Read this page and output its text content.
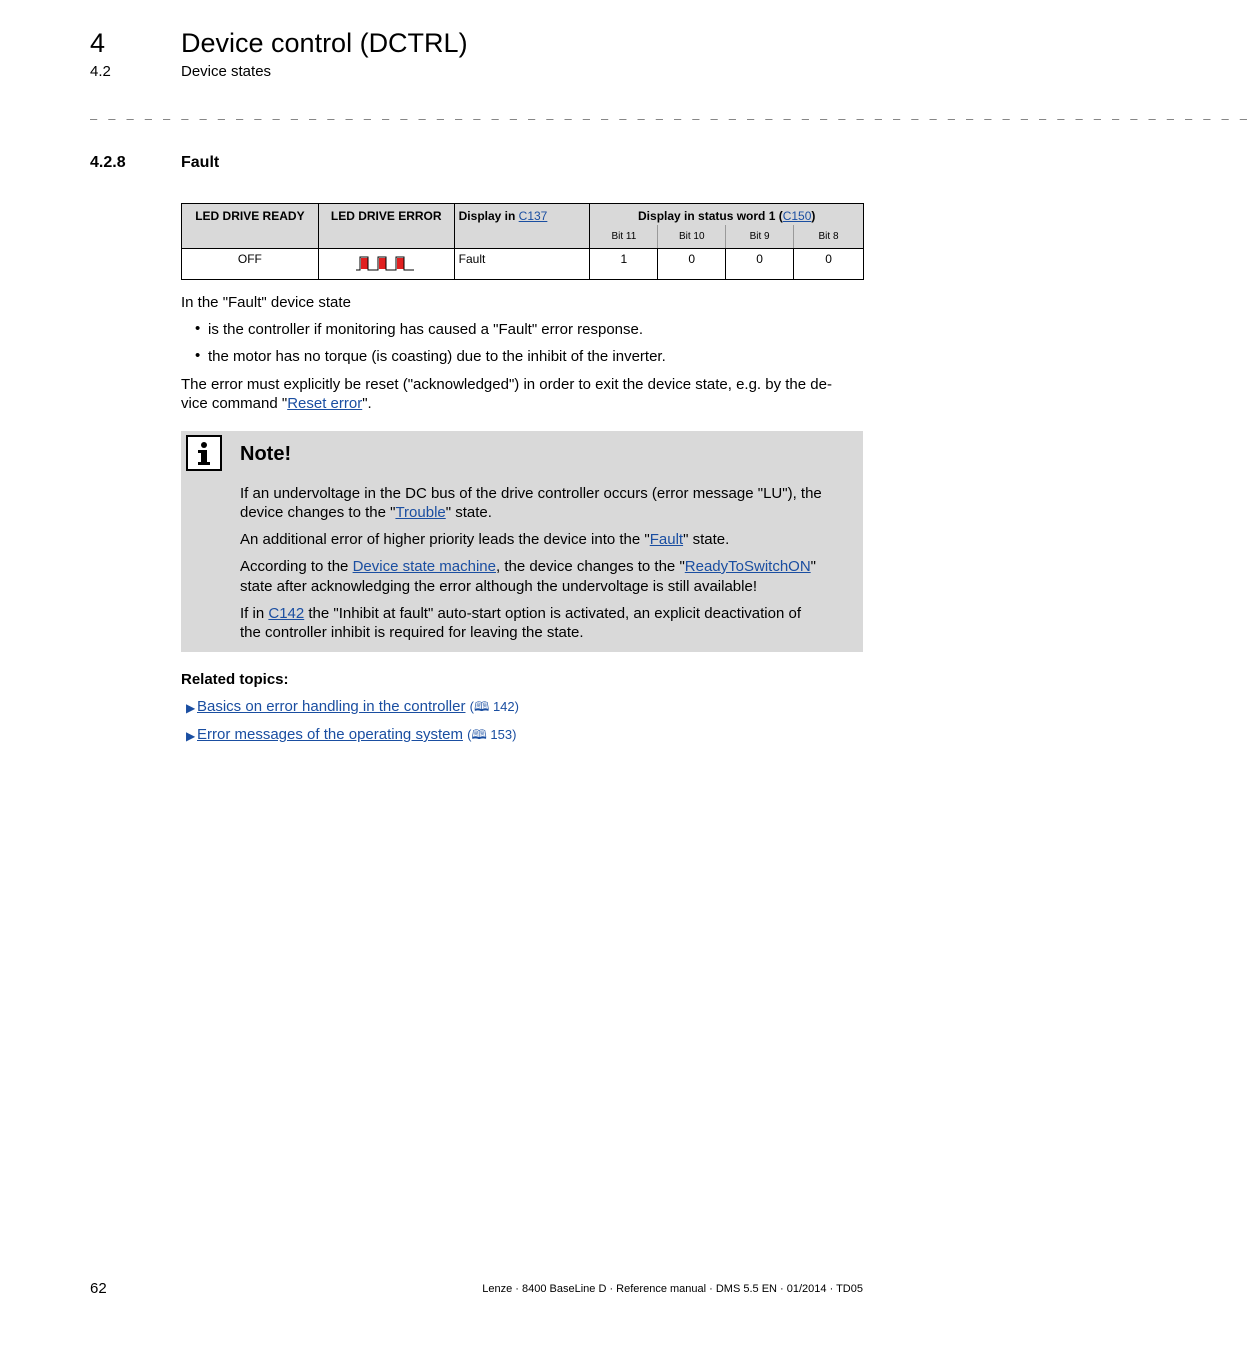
4	Device control (DCTRL)
4.2	Device states
_ _ _ _ _ _ _ _ _ _ _ _ _ _ _ _ _ _ _ _ _ _ _ _ _ _ _ _ _ _ _ _ _ _ _ _ _ _ _ _ _ _ _ _ _ _ _ _ _ _ _ _ _ _ _ _ _ _ _ _ _ _ _ _
4.2.8	Fault
LED DRIVE READY	LED DRIVE ERROR	Display in C137	Display in status word 1 (C150)			
			Bit 11	Bit 10	Bit 9	Bit 8
OFF		Fault	1	0	0	0
In the "Fault" device state
• is the controller if monitoring has caused a "Fault" error response.
• the motor has no torque (is coasting) due to the inhibit of the inverter.
The error must explicitly be reset ("acknowledged") in order to exit the device state, e.g. by the de-
vice command "Reset error".
Note!
If an undervoltage in the DC bus of the drive controller occurs (error message "LU"), the
device changes to the "Trouble" state.
An additional error of higher priority leads the device into the "Fault" state.
According to the Device state machine, the device changes to the "ReadyToSwitchON"
state after acknowledging the error although the undervoltage is still available!
If in C142 the "Inhibit at fault" auto-start option is activated, an explicit deactivation of
the controller inhibit is required for leaving the state.
Related topics:
▶ Basics on error handling in the controller (🕮 142)
▶ Error messages of the operating system (🕮 153)
62	Lenze · 8400 BaseLine D · Reference manual · DMS 5.5 EN · 01/2014 · TD05
